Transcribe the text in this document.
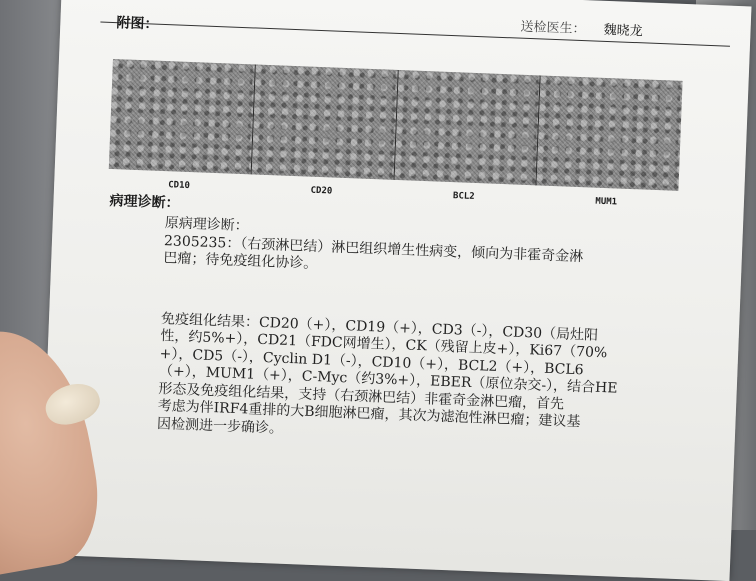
送检医生： 魏晓龙
附图：
CD10
CD20
BCL2
MUM1
病理诊断：

原病理诊断：
2305235：（右颈淋巴结）淋巴组织增生性病变，倾向为非霍奇金淋
巴瘤；待免疫组化协诊。

免疫组化结果：CD20（+），CD19（+），CD3（-），CD30（局灶阳
性，约5%+），CD21（FDC网增生），CK（残留上皮+），Ki67（70%
+），CD5（-），Cyclin D1（-），CD10（+），BCL2（+），BCL6
（+），MUM1（+），C-Myc（约3%+），EBER（原位杂交-），结合HE
形态及免疫组化结果，支持（右颈淋巴结）非霍奇金淋巴瘤，首先
考虑为伴IRF4重排的大B细胞淋巴瘤，其次为滤泡性淋巴瘤；建议基
因检测进一步确诊。
